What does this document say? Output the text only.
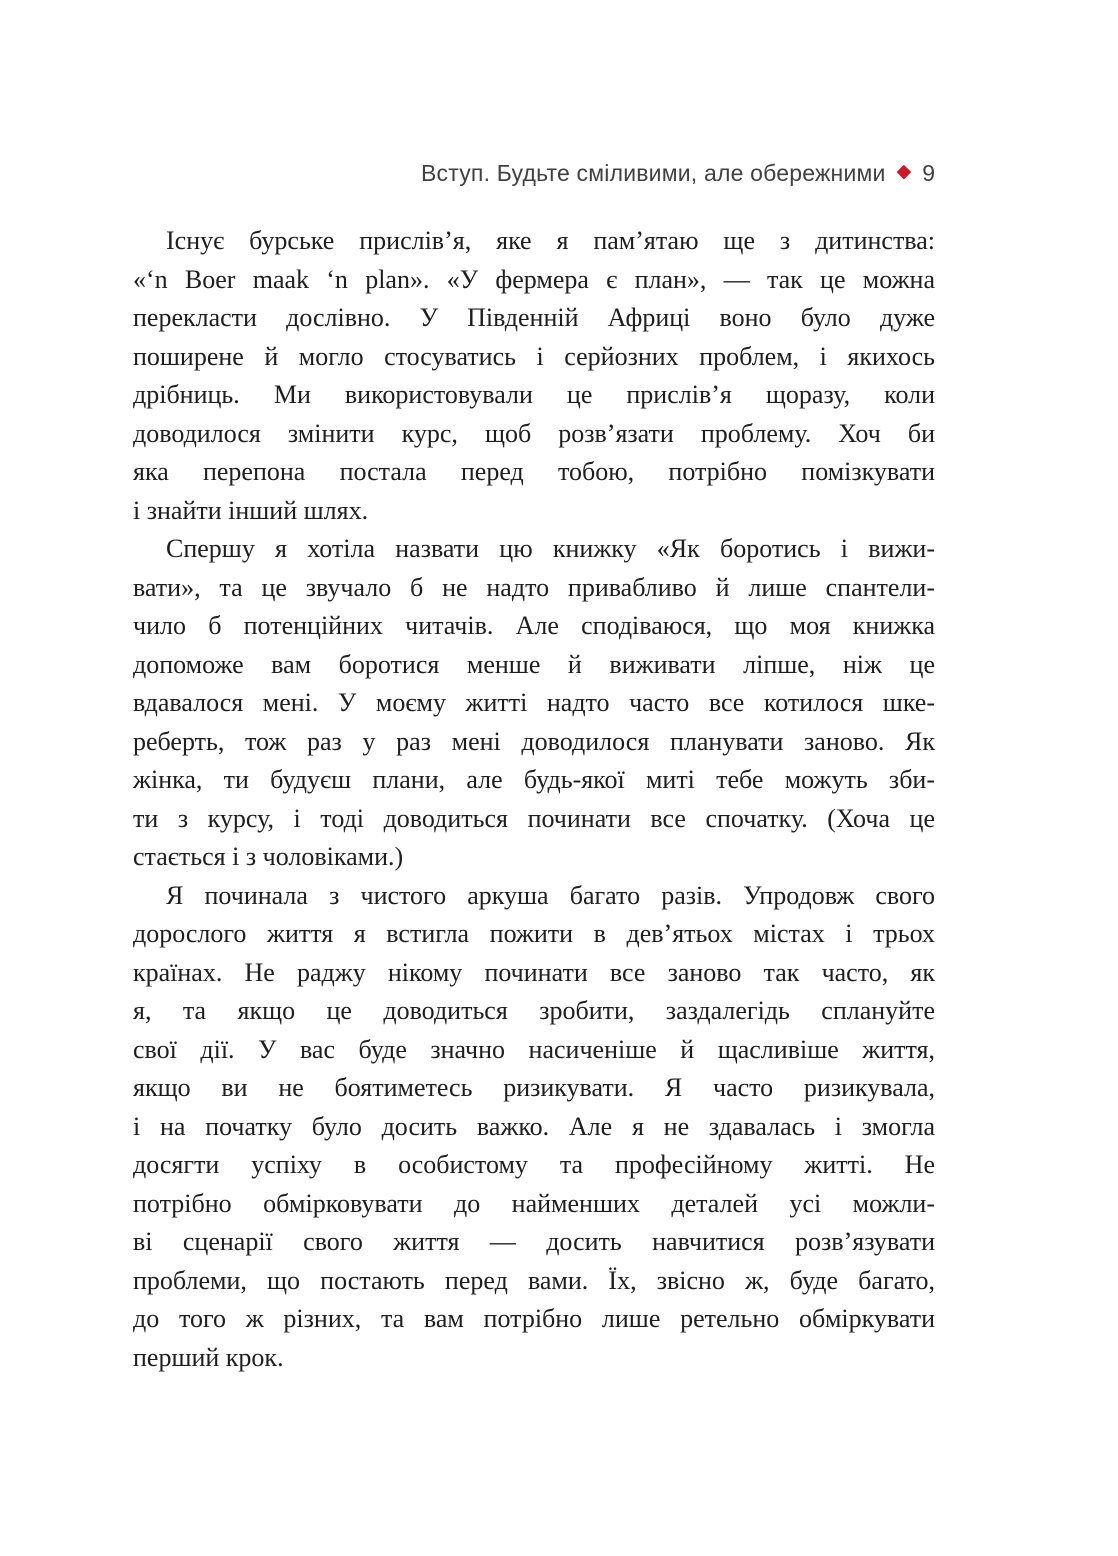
Вступ. Будьте сміливими, але обережними ◆ 9
Існує бурське прислів’я, яке я пам’ятаю ще з дитинства:
«‘n Boer maak ‘n plan». «У фермера є план», — так це можна
перекласти дослівно. У Південній Африці воно було дуже
поширене й могло стосуватись і серйозних проблем, і якихось
дрібниць. Ми використовували це прислів’я щоразу, коли
доводилося змінити курс, щоб розв’язати проблему. Хоч би
яка перепона постала перед тобою, потрібно помізкувати
і знайти інший шлях.
Спершу я хотіла назвати цю книжку «Як боротись і вижи-
вати», та це звучало б не надто привабливо й лише спантели-
чило б потенційних читачів. Але сподіваюся, що моя книжка
допоможе вам боротися менше й виживати ліпше, ніж це
вдавалося мені. У моєму житті надто часто все котилося шке-
реберть, тож раз у раз мені доводилося планувати заново. Як
жінка, ти будуєш плани, але будь-якої миті тебе можуть зби-
ти з курсу, і тоді доводиться починати все спочатку. (Хоча це
стається і з чоловіками.)
Я починала з чистого аркуша багато разів. Упродовж свого
дорослого життя я встигла пожити в дев’ятьох містах і трьох
країнах. Не раджу нікому починати все заново так часто, як
я, та якщо це доводиться зробити, заздалегідь сплануйте
свої дії. У вас буде значно насиченіше й щасливіше життя,
якщо ви не боятиметесь ризикувати. Я часто ризикувала,
і на початку було досить важко. Але я не здавалась і змогла
досягти успіху в особистому та професійному житті. Не
потрібно обмірковувати до найменших деталей усі можли-
ві сценарії свого життя — досить навчитися розв’язувати
проблеми, що постають перед вами. Їх, звісно ж, буде багато,
до того ж різних, та вам потрібно лише ретельно обміркувати
перший крок.
